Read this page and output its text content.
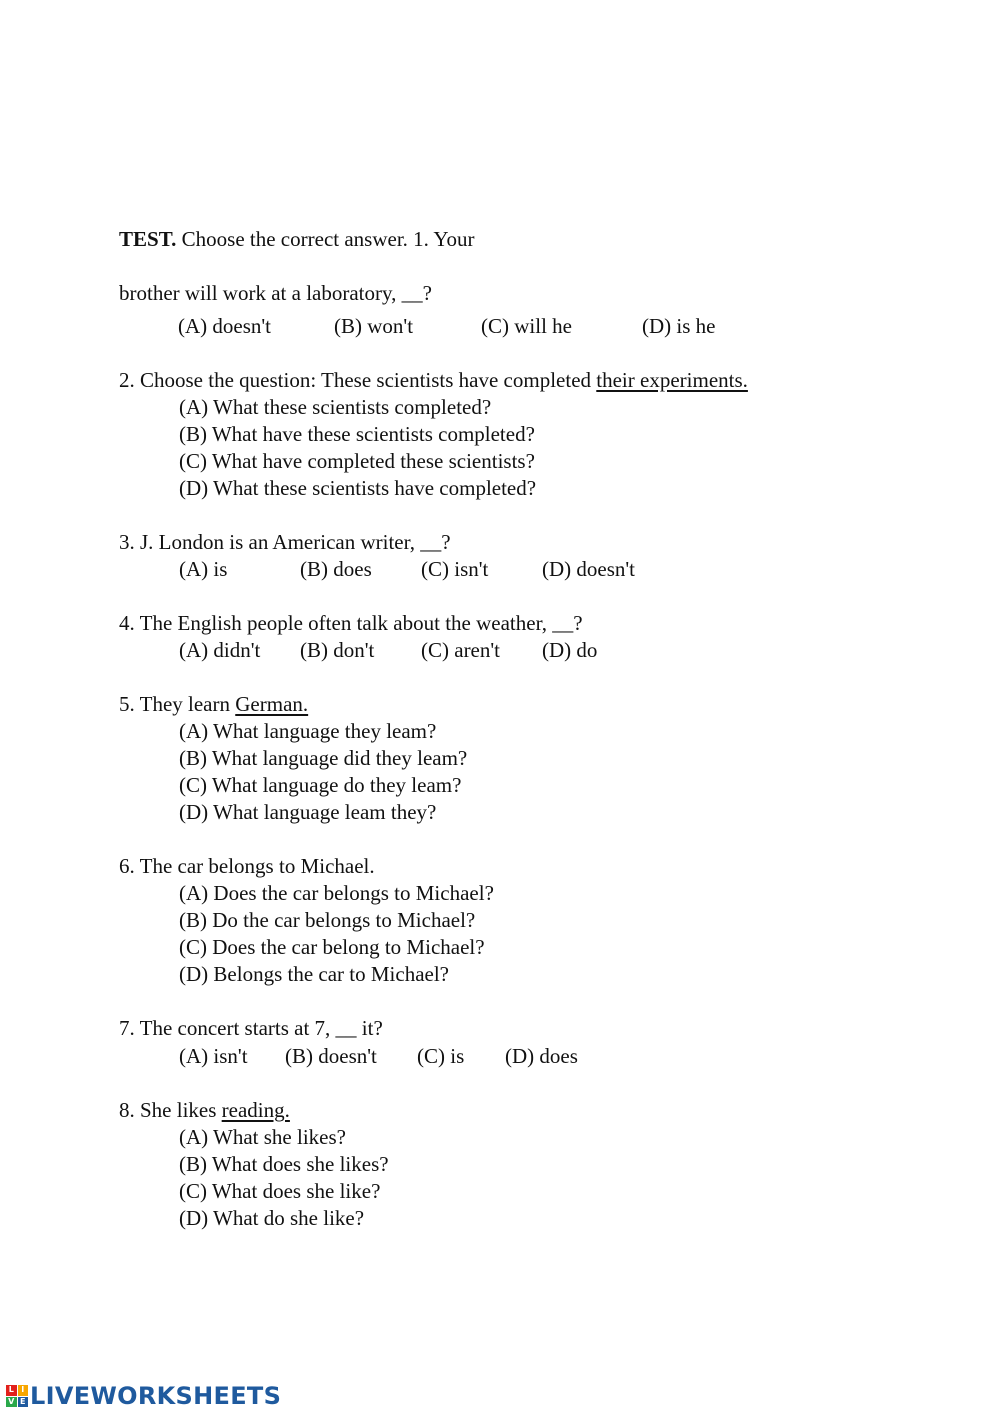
TEST. Choose the correct answer. 1. Your
brother will work at a laboratory, __?
(A) doesn't	(B) won't	(C) will he	(D) is he
2. Choose the question: These scientists have completed their experiments.
(A) What these scientists completed?
(B) What have these scientists completed?
(C) What have completed these scientists?
(D) What these scientists have completed?
3. J. London is an American writer, __?
(A) is	(B) does (C) isn't	(D) doesn't
4. The English people often talk about the weather, __?
(A) didn't (B) don't (C) aren't (D) do
5. They learn German.
(A) What language they leam?
(B) What language did they leam?
(C) What language do they leam?
(D) What language leam they?
6. The car belongs to Michael.
(A) Does the car belongs to Michael?
(B) Do the car belongs to Michael?
(C) Does the car belong to Michael?
(D) Belongs the car to Michael?
7. The concert starts at 7, __ it?
(A) isn't (B) doesn't (C) is (D) does
8. She likes reading.
(A) What she likes?
(B) What does she likes?
(C) What does she like?
(D) What do she like?
L I
V E LIVEWORKSHEETS
